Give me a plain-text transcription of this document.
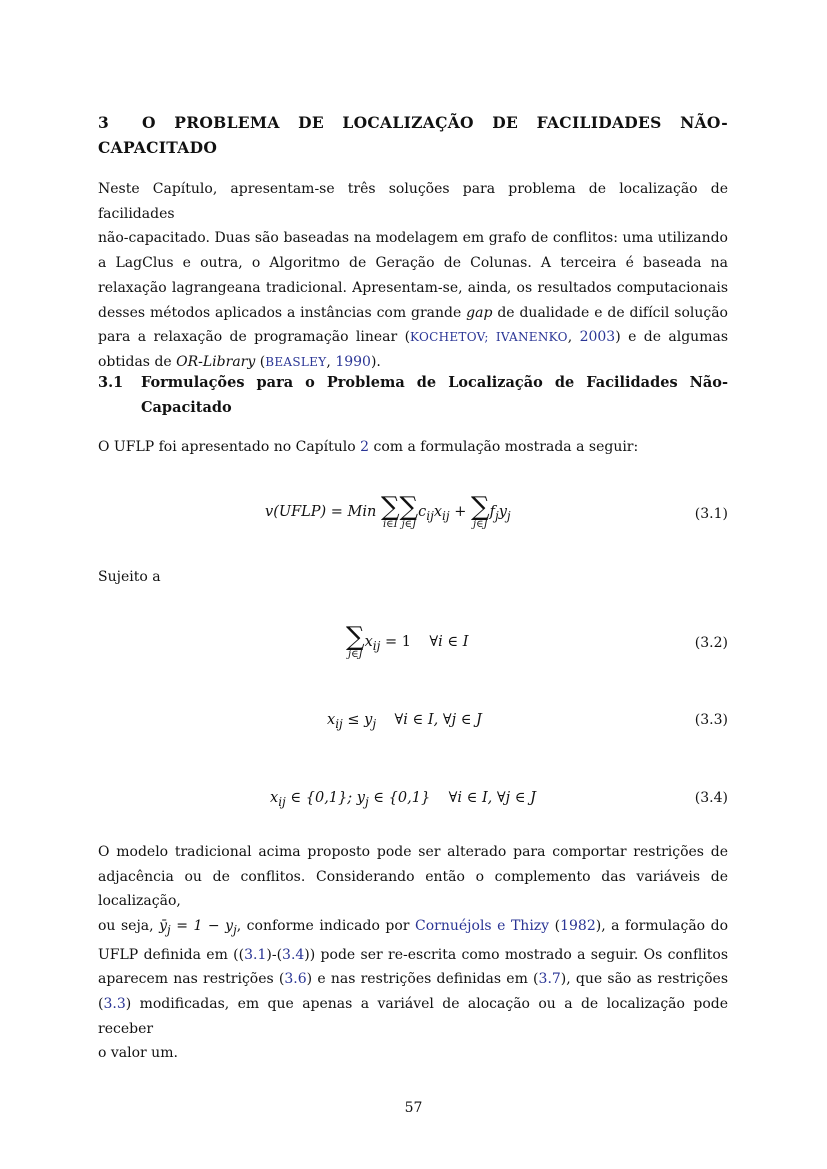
3 O PROBLEMA DE LOCALIZAÇÃO DE FACILIDADES NÃO-
CAPACITADO
Neste Capítulo, apresentam-se três soluções para problema de localização de facilidades
não-capacitado. Duas são baseadas na modelagem em grafo de conflitos: uma utilizando
a LagClus e outra, o Algoritmo de Geração de Colunas. A terceira é baseada na
relaxação lagrangeana tradicional. Apresentam-se, ainda, os resultados computacionais
desses métodos aplicados a instâncias com grande gap de dualidade e de difícil solução
para a relaxação de programação linear (KOCHETOV; IVANENKO, 2003) e de algumas
obtidas de OR-Library (BEASLEY, 1990).
3.1 Formulações para o Problema de Localização de Facilidades Não-
Capacitado
O UFLP foi apresentado no Capítulo 2 com a formulação mostrada a seguir:
v(UFLP) = Min ∑
i∈I
∑
j∈J
$c_{ij}x_{ij}$ + ∑
j∈J
$f_jy_j$	(3.1)
Sujeito a
∑
j∈J
$x_{ij} = 1$ ∀i ∈ I	(3.2)
$x_{ij} \le y_j$ ∀i ∈ I, ∀j ∈ J	(3.3)
$x_{ij}$ ∈ {0,1}; $y_j$ ∈ {0,1} ∀i ∈ I, ∀j ∈ J	(3.4)
O modelo tradicional acima proposto pode ser alterado para comportar restrições de
adjacência ou de conflitos. Considerando então o complemento das variáveis de localização,
ou seja, $ȳ_j = 1 - y_j$, conforme indicado por Cornuéjols e Thizy (1982), a formulação do
UFLP definida em ((3.1)-(3.4)) pode ser re-escrita como mostrado a seguir. Os conflitos
aparecem nas restrições (3.6) e nas restrições definidas em (3.7), que são as restrições
(3.3) modificadas, em que apenas a variável de alocação ou a de localização pode receber
o valor um.
57
